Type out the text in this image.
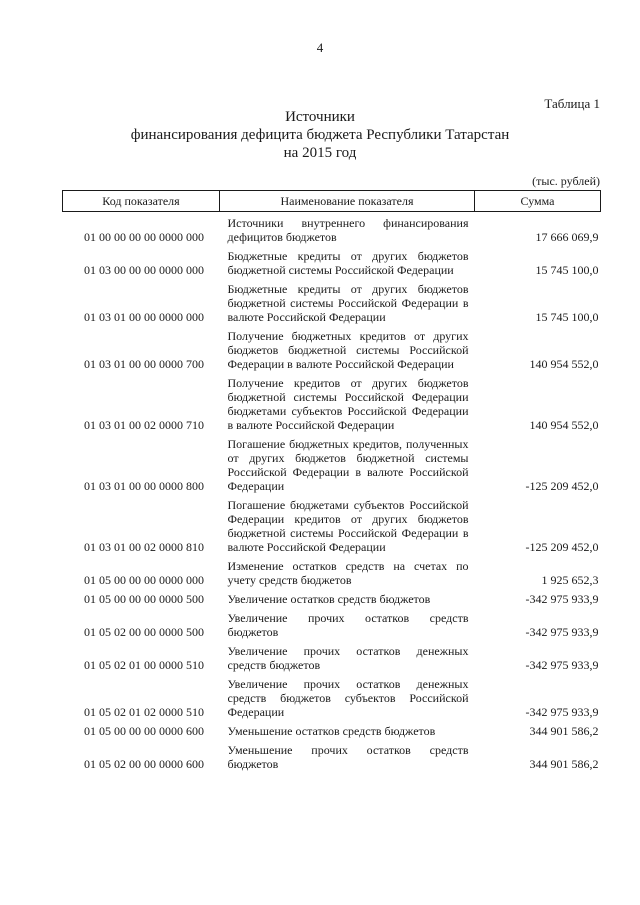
4
Таблица 1
Источники
финансирования дефицита бюджета Республики Татарстан
на 2015 год
(тыс. рублей)
Код показателя	Наименование показателя	Сумма
01 00 00 00 00 0000 000	Источники внутреннего финансирования дефицитов бюджетов	17 666 069,9
01 03 00 00 00 0000 000	Бюджетные кредиты от других бюджетов бюджетной системы Российской Федерации	15 745 100,0
01 03 01 00 00 0000 000	Бюджетные кредиты от других бюджетов бюджетной системы Российской Федерации в валюте Российской Федерации	15 745 100,0
01 03 01 00 00 0000 700	Получение бюджетных кредитов от других бюджетов бюджетной системы Российской Федерации в валюте Российской Федерации	140 954 552,0
01 03 01 00 02 0000 710	Получение кредитов от других бюджетов бюджетной системы Российской Федерации бюджетами субъектов Российской Федерации в валюте Российской Федерации	140 954 552,0
01 03 01 00 00 0000 800	Погашение бюджетных кредитов, полученных от других бюджетов бюджетной системы Российской Федерации в валюте Российской Федерации	-125 209 452,0
01 03 01 00 02 0000 810	Погашение бюджетами субъектов Российской Федерации кредитов от других бюджетов бюджетной системы Российской Федерации в валюте Российской Федерации	-125 209 452,0
01 05 00 00 00 0000 000	Изменение остатков средств на счетах по учету средств бюджетов	1 925 652,3
01 05 00 00 00 0000 500	Увеличение остатков средств бюджетов	-342 975 933,9
01 05 02 00 00 0000 500	Увеличение прочих остатков средств бюджетов	-342 975 933,9
01 05 02 01 00 0000 510	Увеличение прочих остатков денежных средств бюджетов	-342 975 933,9
01 05 02 01 02 0000 510	Увеличение прочих остатков денежных средств бюджетов субъектов Российской Федерации	-342 975 933,9
01 05 00 00 00 0000 600	Уменьшение остатков средств бюджетов	344 901 586,2
01 05 02 00 00 0000 600	Уменьшение прочих остатков средств бюджетов	344 901 586,2
